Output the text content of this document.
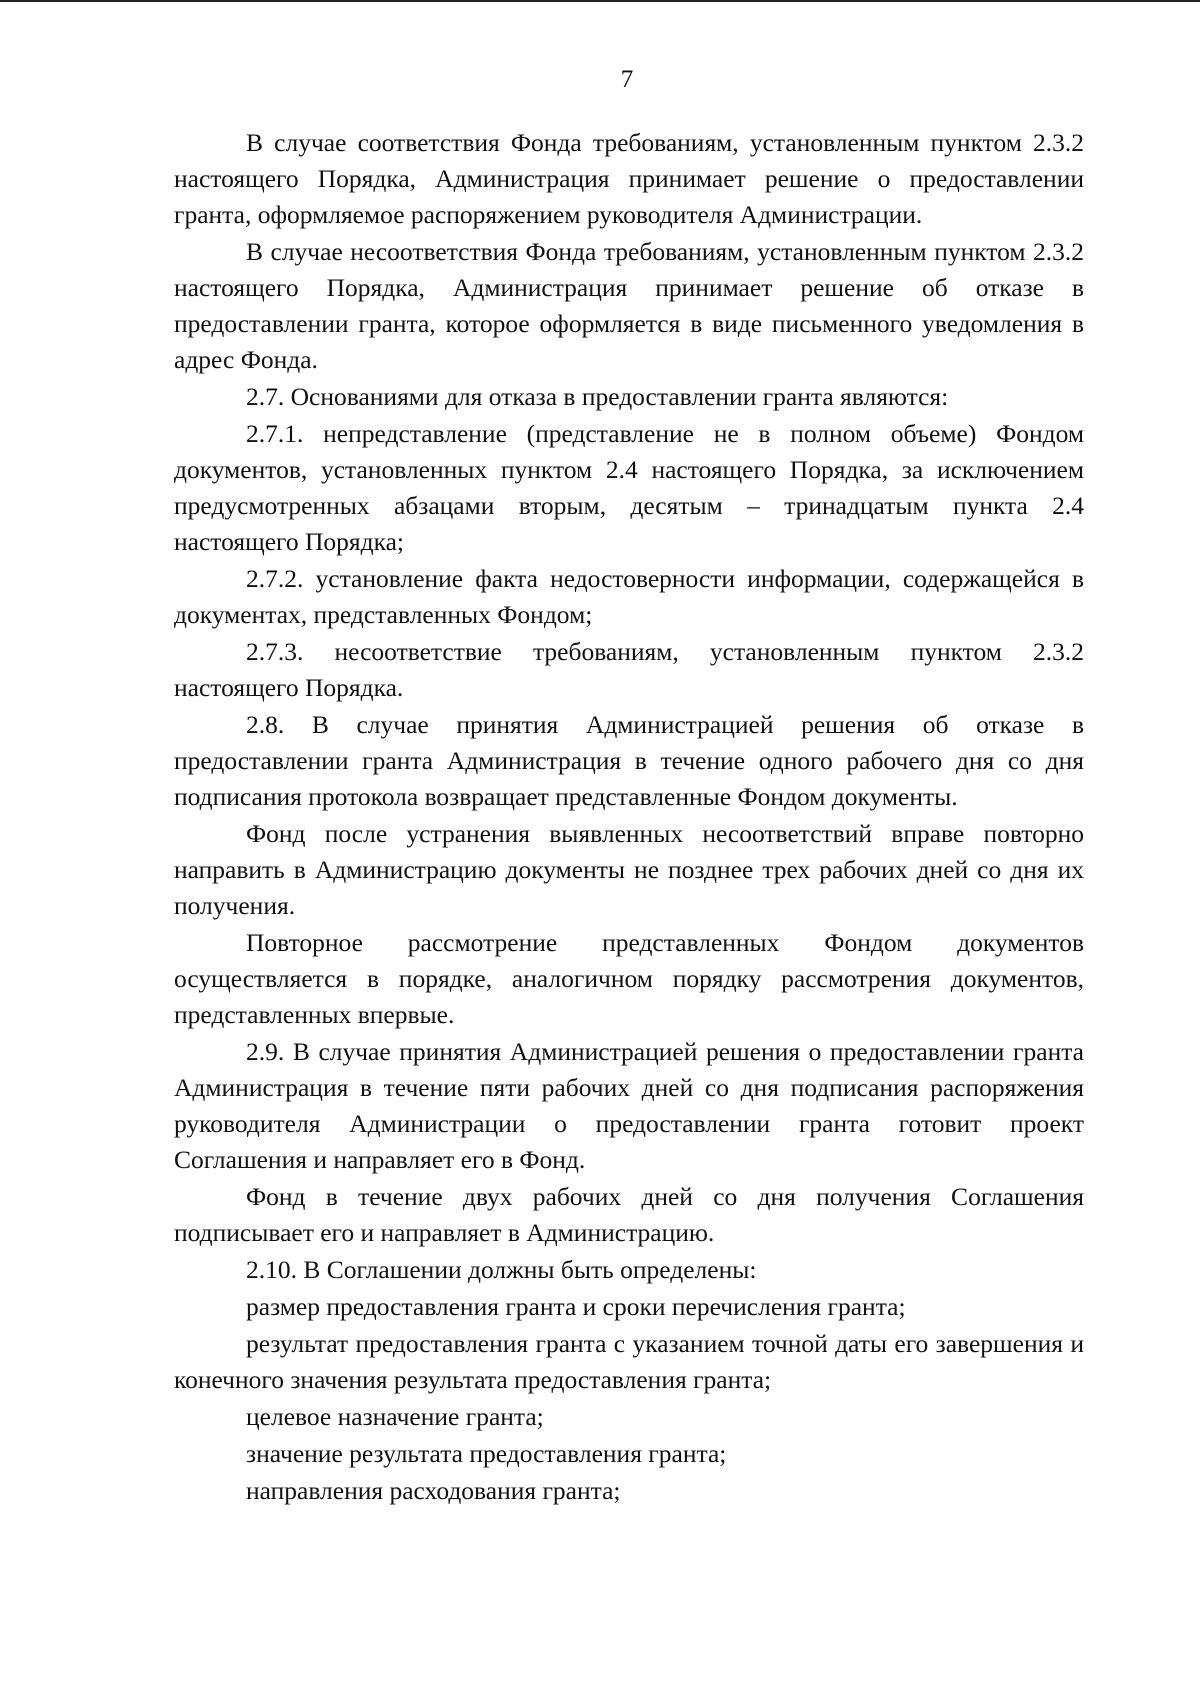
7

В случае соответствия Фонда требованиям, установленным пунктом 2.3.2 настоящего Порядка, Администрация принимает решение о предоставлении гранта, оформляемое распоряжением руководителя Администрации.

В случае несоответствия Фонда требованиям, установленным пунктом 2.3.2 настоящего Порядка, Администрация принимает решение об отказе в предоставлении гранта, которое оформляется в виде письменного уведомления в адрес Фонда.

2.7. Основаниями для отказа в предоставлении гранта являются:

2.7.1. непредставление (представление не в полном объеме) Фондом документов, установленных пунктом 2.4 настоящего Порядка, за исключением предусмотренных абзацами вторым, десятым – тринадцатым пункта 2.4 настоящего Порядка;

2.7.2. установление факта недостоверности информации, содержащейся в документах, представленных Фондом;

2.7.3. несоответствие требованиям, установленным пунктом 2.3.2 настоящего Порядка.

2.8. В случае принятия Администрацией решения об отказе в предоставлении гранта Администрация в течение одного рабочего дня со дня подписания протокола возвращает представленные Фондом документы.

Фонд после устранения выявленных несоответствий вправе повторно направить в Администрацию документы не позднее трех рабочих дней со дня их получения.

Повторное рассмотрение представленных Фондом документов осуществляется в порядке, аналогичном порядку рассмотрения документов, представленных впервые.

2.9. В случае принятия Администрацией решения о предоставлении гранта Администрация в течение пяти рабочих дней со дня подписания распоряжения руководителя Администрации о предоставлении гранта готовит проект Соглашения и направляет его в Фонд.

Фонд в течение двух рабочих дней со дня получения Соглашения подписывает его и направляет в Администрацию.

2.10. В Соглашении должны быть определены:

размер предоставления гранта и сроки перечисления гранта;

результат предоставления гранта с указанием точной даты его завершения и конечного значения результата предоставления гранта;

целевое назначение гранта;

значение результата предоставления гранта;

направления расходования гранта;
